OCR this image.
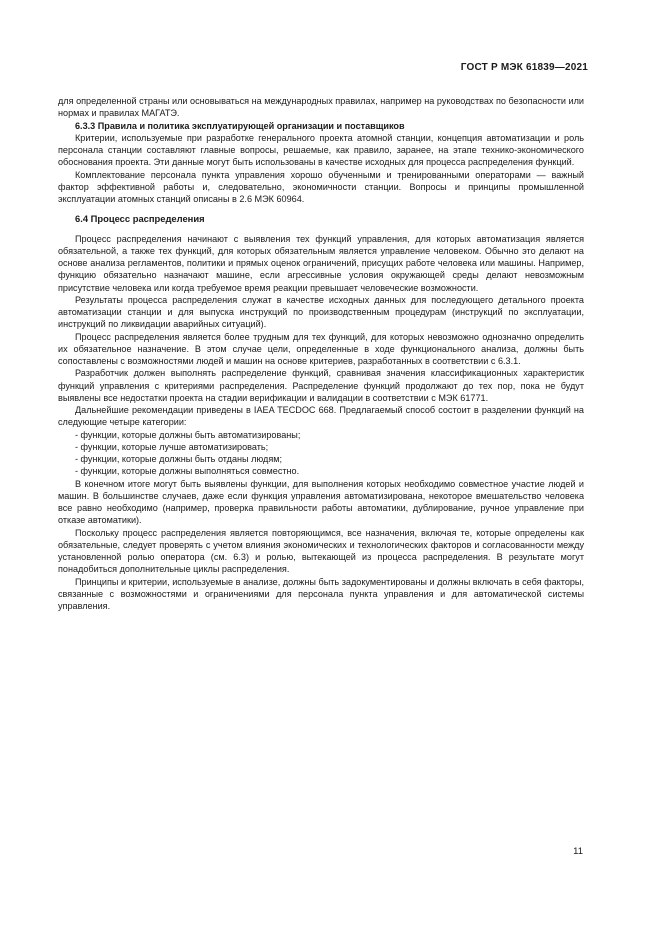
ГОСТ Р МЭК 61839—2021

для определенной страны или основываться на международных правилах, например на руководствах по безопасности или нормах и правилах МАГАТЭ.

6.3.3 Правила и политика эксплуатирующей организации и поставщиков

Критерии, используемые при разработке генерального проекта атомной станции, концепция автоматизации и роль персонала станции составляют главные вопросы, решаемые, как правило, заранее, на этапе технико-экономического обоснования проекта. Эти данные могут быть использованы в качестве исходных для процесса распределения функций.

Комплектование персонала пункта управления хорошо обученными и тренированными операторами — важный фактор эффективной работы и, следовательно, экономичности станции. Вопросы и принципы промышленной эксплуатации атомных станций описаны в 2.6 МЭК 60964.

6.4 Процесс распределения

Процесс распределения начинают с выявления тех функций управления, для которых автоматизация является обязательной, а также тех функций, для которых обязательным является управление человеком. Обычно это делают на основе анализа регламентов, политики и прямых оценок ограничений, присущих работе человека или машины. Например, функцию обязательно назначают машине, если агрессивные условия окружающей среды делают невозможным присутствие человека или когда требуемое время реакции превышает человеческие возможности.

Результаты процесса распределения служат в качестве исходных данных для последующего детального проекта автоматизации станции и для выпуска инструкций по производственным процедурам (инструкций по эксплуатации, инструкций по ликвидации аварийных ситуаций).

Процесс распределения является более трудным для тех функций, для которых невозможно однозначно определить их обязательное назначение. В этом случае цели, определенные в ходе функционального анализа, должны быть сопоставлены с возможностями людей и машин на основе критериев, разработанных в соответствии с 6.3.1.

Разработчик должен выполнять распределение функций, сравнивая значения классификационных характеристик функций управления с критериями распределения. Распределение функций продолжают до тех пор, пока не будут выявлены все недостатки проекта на стадии верификации и валидации в соответствии с МЭК 61771.

Дальнейшие рекомендации приведены в IAEA TECDOC 668. Предлагаемый способ состоит в разделении функций на следующие четыре категории:

- функции, которые должны быть автоматизированы;

- функции, которые лучше автоматизировать;

- функции, которые должны быть отданы людям;

- функции, которые должны выполняться совместно.

В конечном итоге могут быть выявлены функции, для выполнения которых необходимо совместное участие людей и машин. В большинстве случаев, даже если функция управления автоматизирована, некоторое вмешательство человека все равно необходимо (например, проверка правильности работы автоматики, дублирование, ручное управление при отказе автоматики).

Поскольку процесс распределения является повторяющимся, все назначения, включая те, которые определены как обязательные, следует проверять с учетом влияния экономических и технологических факторов и согласованности между установленной ролью оператора (см. 6.3) и ролью, вытекающей из процесса распределения. В результате могут понадобиться дополнительные циклы распределения.

Принципы и критерии, используемые в анализе, должны быть задокументированы и должны включать в себя факторы, связанные с возможностями и ограничениями для персонала пункта управления и для автоматической системы управления.

11
